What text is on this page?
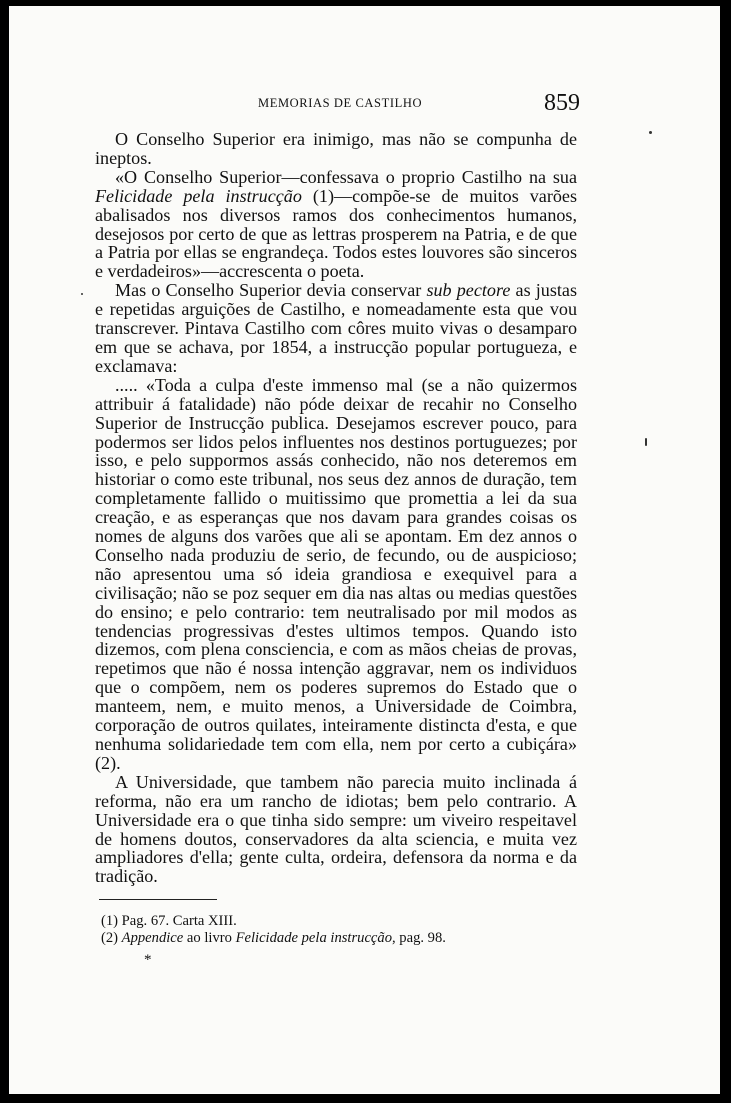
MEMORIAS DE CASTILHO	859

O Conselho Superior era inimigo, mas não se compunha de ineptos.

«O Conselho Superior—confessava o proprio Castilho na sua Felicidade pela instrucção (1)—compõe-se de muitos varões abalisados nos diversos ramos dos conhecimentos humanos, desejosos por certo de que as lettras prosperem na Patria, e de que a Patria por ellas se engrandeça. Todos estes louvores são sinceros e verdadeiros»—accrescenta o poeta.

Mas o Conselho Superior devia conservar sub pectore as justas e repetidas arguições de Castilho, e nomeadamente esta que vou transcrever. Pintava Castilho com côres muito vivas o desamparo em que se achava, por 1854, a instrucção popular portugueza, e exclamava:

..... «Toda a culpa d'este immenso mal (se a não quizermos attribuir á fatalidade) não póde deixar de recahir no Conselho Superior de Instrucção publica. Desejamos escrever pouco, para podermos ser lidos pelos influentes nos destinos portuguezes; por isso, e pelo suppormos assás conhecido, não nos deteremos em historiar o como este tribunal, nos seus dez annos de duração, tem completamente fallido o muitissimo que promettia a lei da sua creação, e as esperanças que nos davam para grandes coisas os nomes de alguns dos varões que ali se apontam. Em dez annos o Conselho nada produziu de serio, de fecundo, ou de auspicioso; não apresentou uma só ideia grandiosa e exequivel para a civilisação; não se poz sequer em dia nas altas ou medias questões do ensino; e pelo contrario: tem neutralisado por mil modos as tendencias progressivas d'estes ultimos tempos. Quando isto dizemos, com plena consciencia, e com as mãos cheias de provas, repetimos que não é nossa intenção aggravar, nem os individuos que o compõem, nem os poderes supremos do Estado que o manteem, nem, e muito menos, a Universidade de Coimbra, corporação de outros quilates, inteiramente distincta d'esta, e que nenhuma solidariedade tem com ella, nem por certo a cubiçára» (2).

A Universidade, que tambem não parecia muito inclinada á reforma, não era um rancho de idiotas; bem pelo contrario. A Universidade era o que tinha sido sempre: um viveiro respeitavel de homens doutos, conservadores da alta sciencia, e muita vez ampliadores d'ella; gente culta, ordeira, defensora da norma e da tradição.

(1) Pag. 67. Carta XIII.

(2) Appendice ao livro Felicidade pela instrucção, pag. 98.

*
